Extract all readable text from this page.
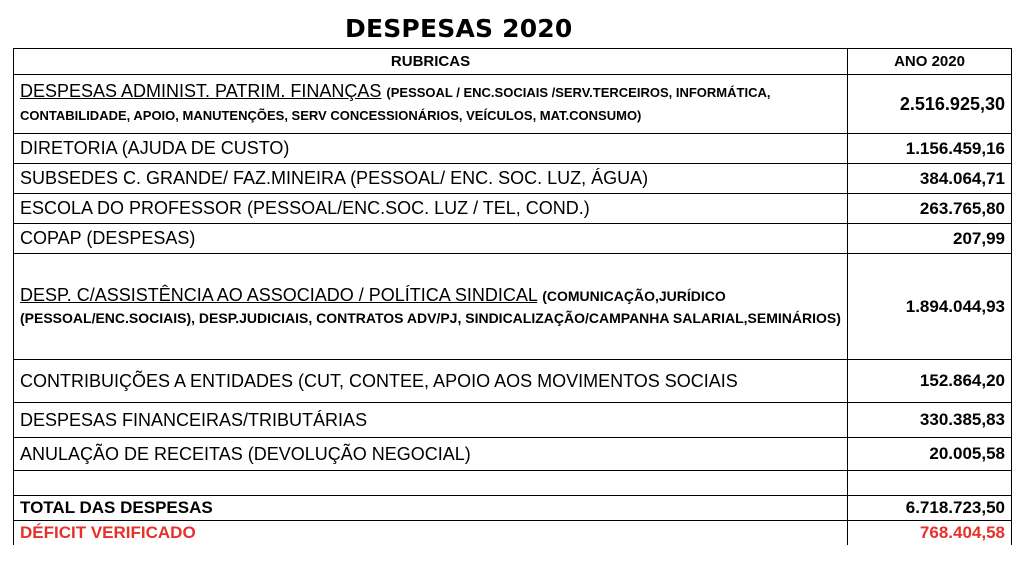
DESPESAS 2020
RUBRICAS	ANO 2020
DESPESAS ADMINIST. PATRIM. FINANÇAS (PESSOAL / ENC.SOCIAIS /SERV.TERCEIROS, INFORMÁTICA, CONTABILIDADE, APOIO, MANUTENÇÕES, SERV CONCESSIONÁRIOS, VEÍCULOS, MAT.CONSUMO)	2.516.925,30
DIRETORIA (AJUDA DE CUSTO)	1.156.459,16
SUBSEDES C. GRANDE/ FAZ.MINEIRA (PESSOAL/ ENC. SOC. LUZ, ÁGUA)	384.064,71
ESCOLA DO PROFESSOR (PESSOAL/ENC.SOC. LUZ / TEL, COND.)	263.765,80
COPAP (DESPESAS)	207,99
DESP. C/ASSISTÊNCIA AO ASSOCIADO / POLÍTICA SINDICAL (COMUNICAÇÃO,JURÍDICO (PESSOAL/ENC.SOCIAIS), DESP.JUDICIAIS, CONTRATOS ADV/PJ, SINDICALIZAÇÃO/CAMPANHA SALARIAL,SEMINÁRIOS)	1.894.044,93
CONTRIBUIÇÕES A ENTIDADES (CUT, CONTEE, APOIO AOS MOVIMENTOS SOCIAIS	152.864,20
DESPESAS FINANCEIRAS/TRIBUTÁRIAS	330.385,83
ANULAÇÃO DE RECEITAS (DEVOLUÇÃO NEGOCIAL)	20.005,58

TOTAL DAS DESPESAS	6.718.723,50
DÉFICIT VERIFICADO	768.404,58
